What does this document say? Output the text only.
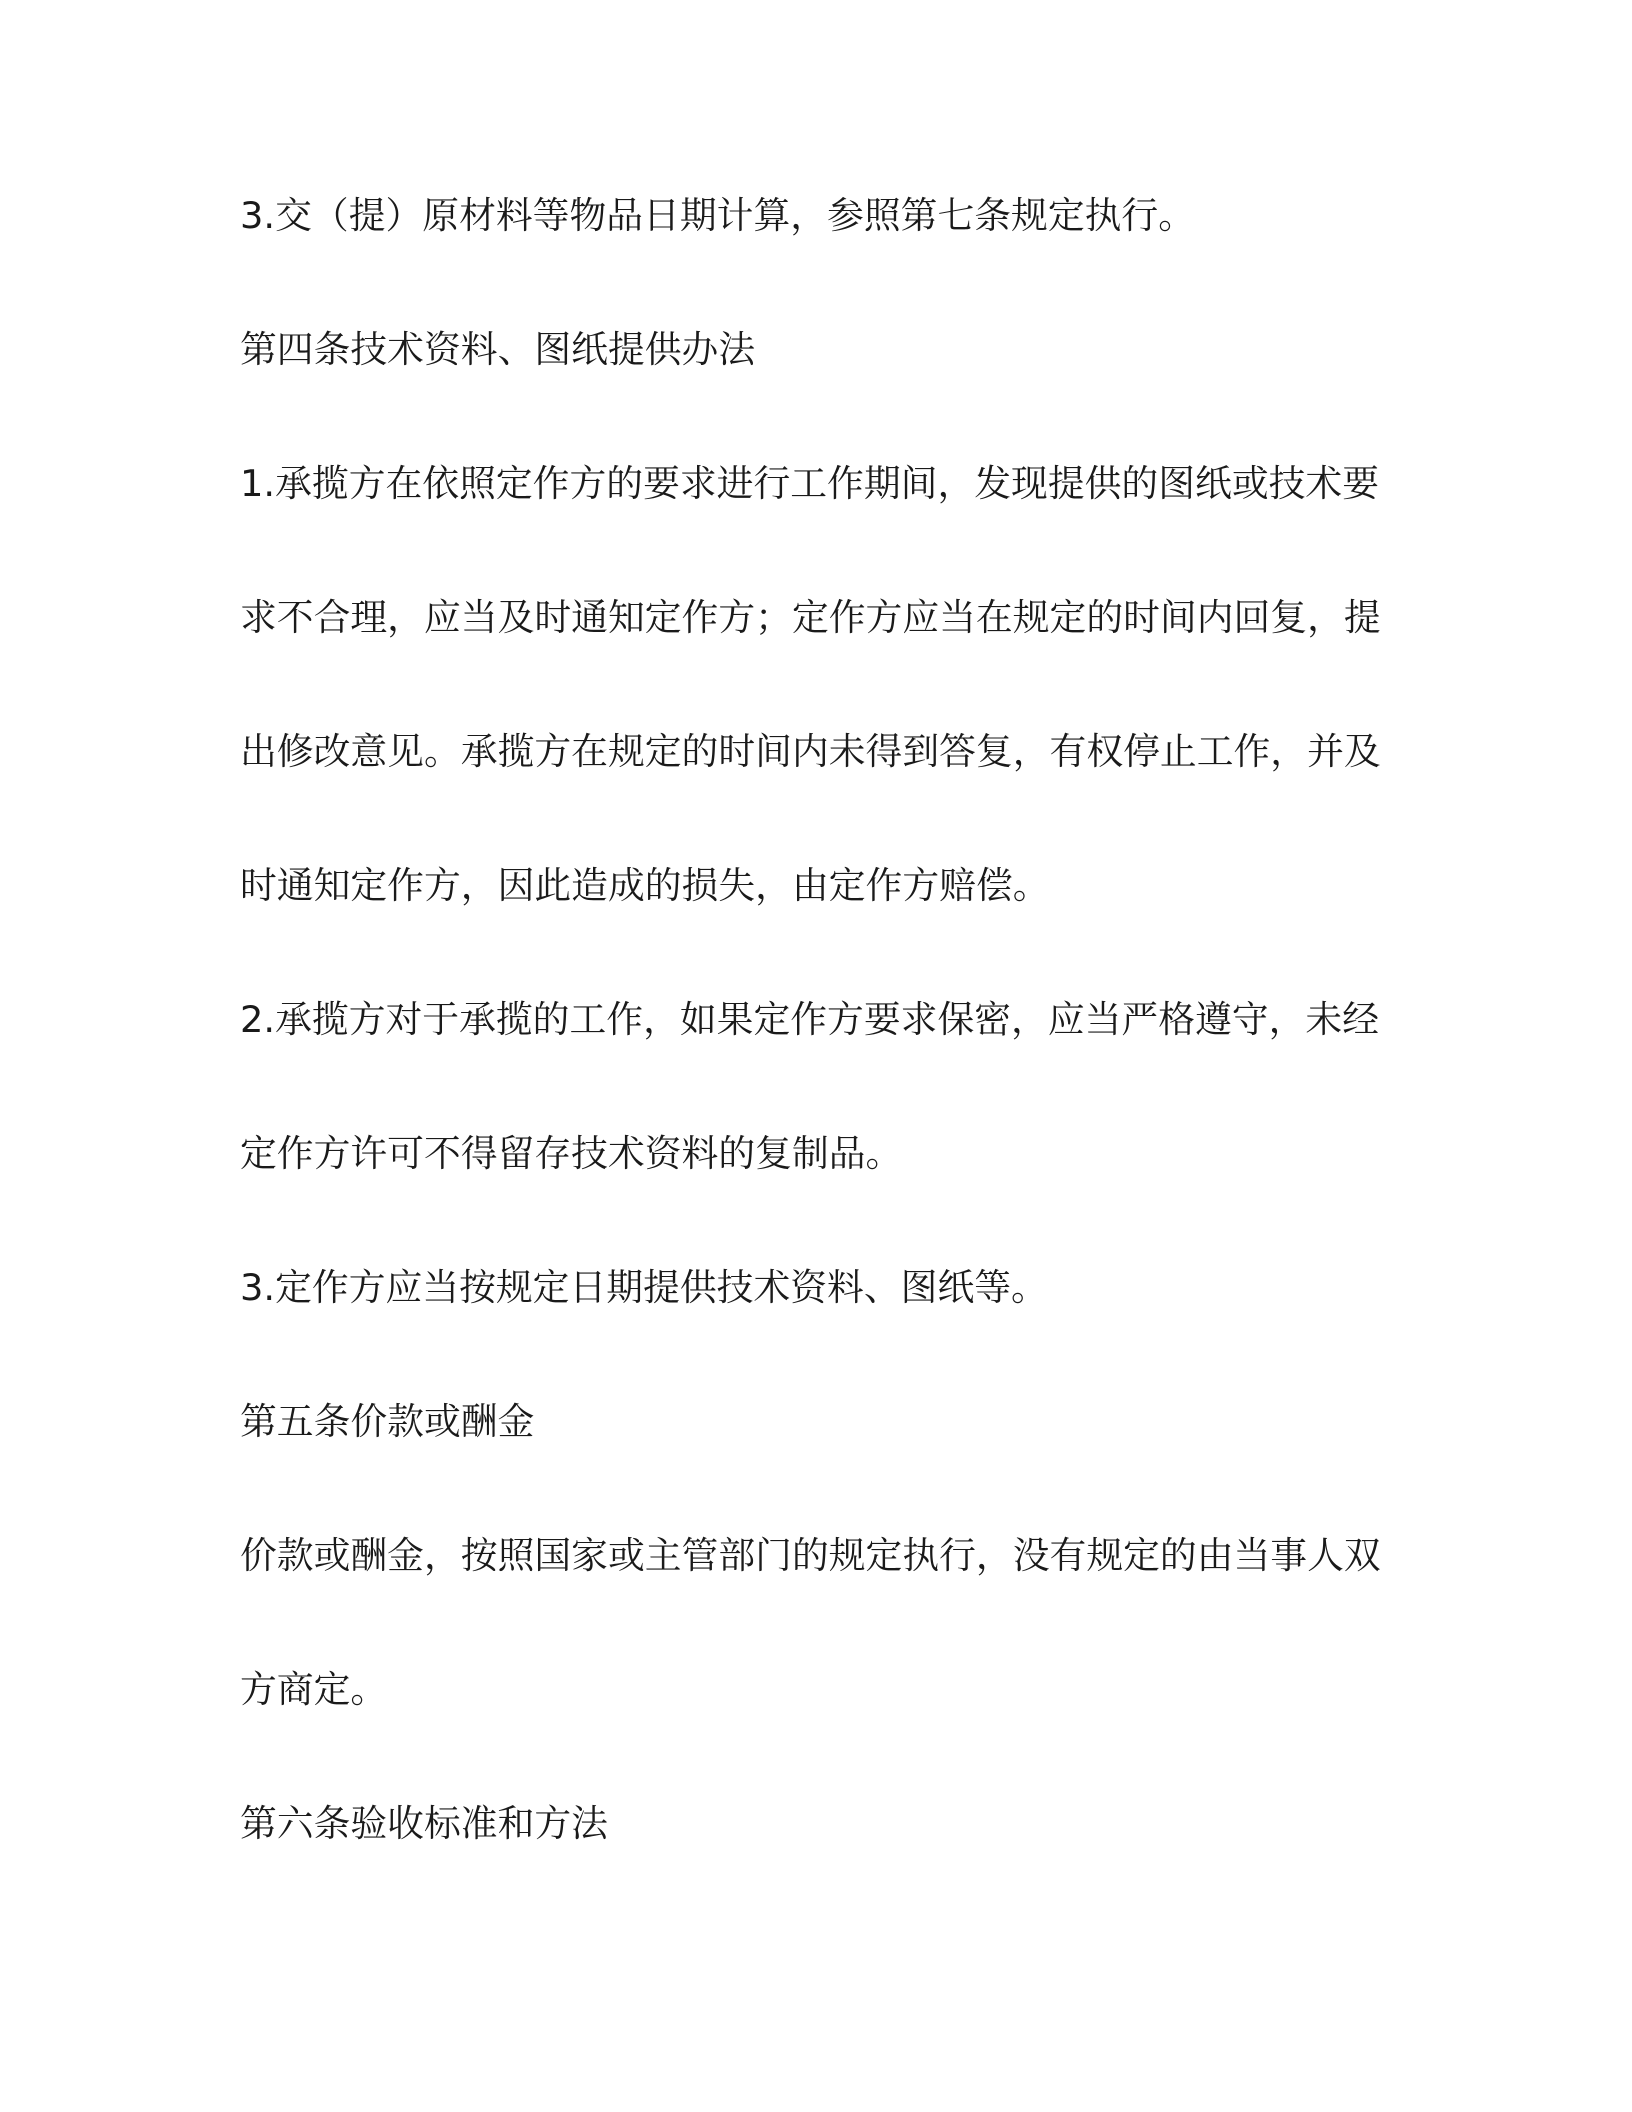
3.交（提）原材料等物品日期计算，参照第七条规定执行。
第四条技术资料、图纸提供办法
1.承揽方在依照定作方的要求进行工作期间，发现提供的图纸或技术要
求不合理，应当及时通知定作方；定作方应当在规定的时间内回复，提
出修改意见。承揽方在规定的时间内未得到答复，有权停止工作，并及
时通知定作方，因此造成的损失，由定作方赔偿。
2.承揽方对于承揽的工作，如果定作方要求保密，应当严格遵守，未经
定作方许可不得留存技术资料的复制品。
3.定作方应当按规定日期提供技术资料、图纸等。
第五条价款或酬金
价款或酬金，按照国家或主管部门的规定执行，没有规定的由当事人双
方商定。
第六条验收标准和方法
